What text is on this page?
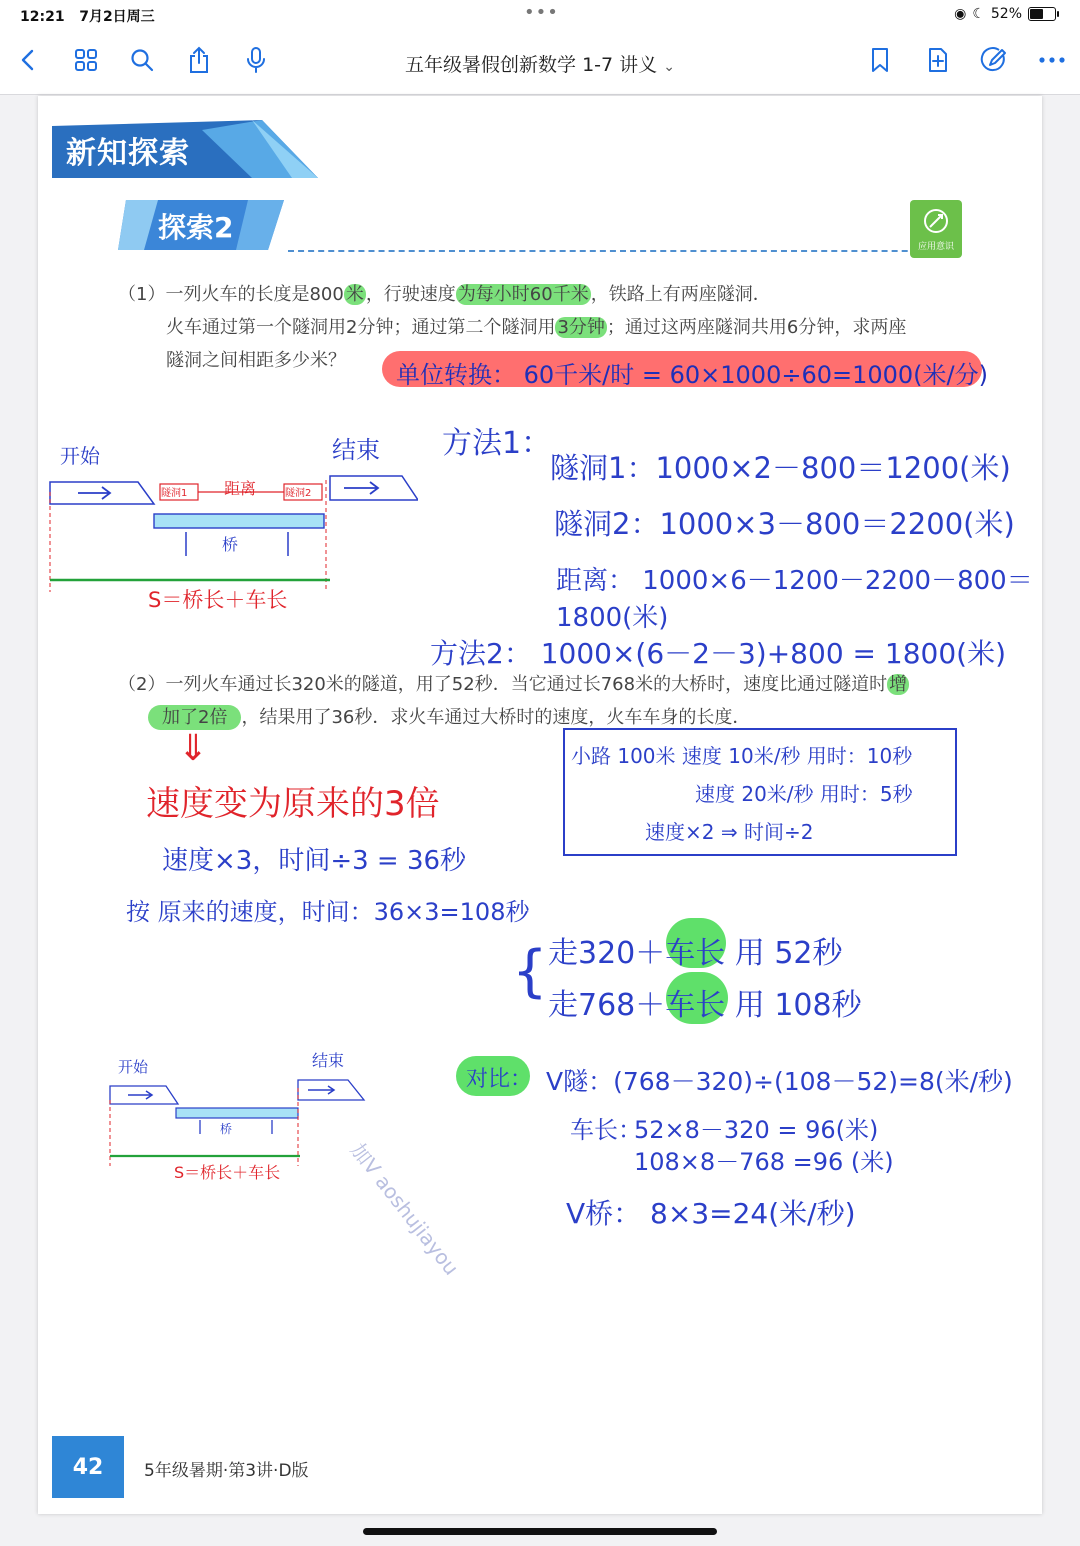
12:21 7月2日周三	•••	◉ ☾ 52%
五年级暑假创新数学 1-7 讲义 ⌄
新知探索
探索2
应用意识
（1）一列火车的长度是800 米 ，行驶速度 为每小时60千米 ，铁路上有两座隧洞．
火车通过第一个隧洞用2分钟；通过第二个隧洞用 3分钟 ；通过这两座隧洞共用6分钟，求两座
隧洞之间相距多少米？
单位转换： 60千米/时 = 60×1000÷60=1000(米/分)
方法1：
隧洞1：1000×2－800＝1200(米)
隧洞2：1000×3－800＝2200(米)
距离： 1000×6－1200－2200－800＝1800(米)
方法2： 1000×(6－2－3)+800 = 1800(米)
开始	结束
隧洞1 距离	隧洞2
桥
S＝桥长＋车长
（2）一列火车通过长320米的隧道，用了52秒．当它通过长768米的大桥时，速度比通过隧道时 增
加了2倍 ，结果用了36秒．求火车通过大桥时的速度，火车车身的长度．
小路 100米 速度 10米/秒 用时：10秒
速度 20米/秒 用时：5秒
速度×2 ⇒ 时间÷2
⇓
速度变为原来的3倍
速度×3，时间÷3 = 36秒
按 原来的速度，时间：36×3=108秒
{ 走320＋车长 用 52秒
走768＋车长 用 108秒
开始	结束
桥
S＝桥长＋车长
对比： V隧：(768－320)÷(108－52)=8(米/秒)
车长：
52×8－320 = 96(米)
108×8－768 =96 (米)
V桥： 8×3=24(米/秒)
加V aoshujiayou
42	5年级暑期·第3讲·D版
